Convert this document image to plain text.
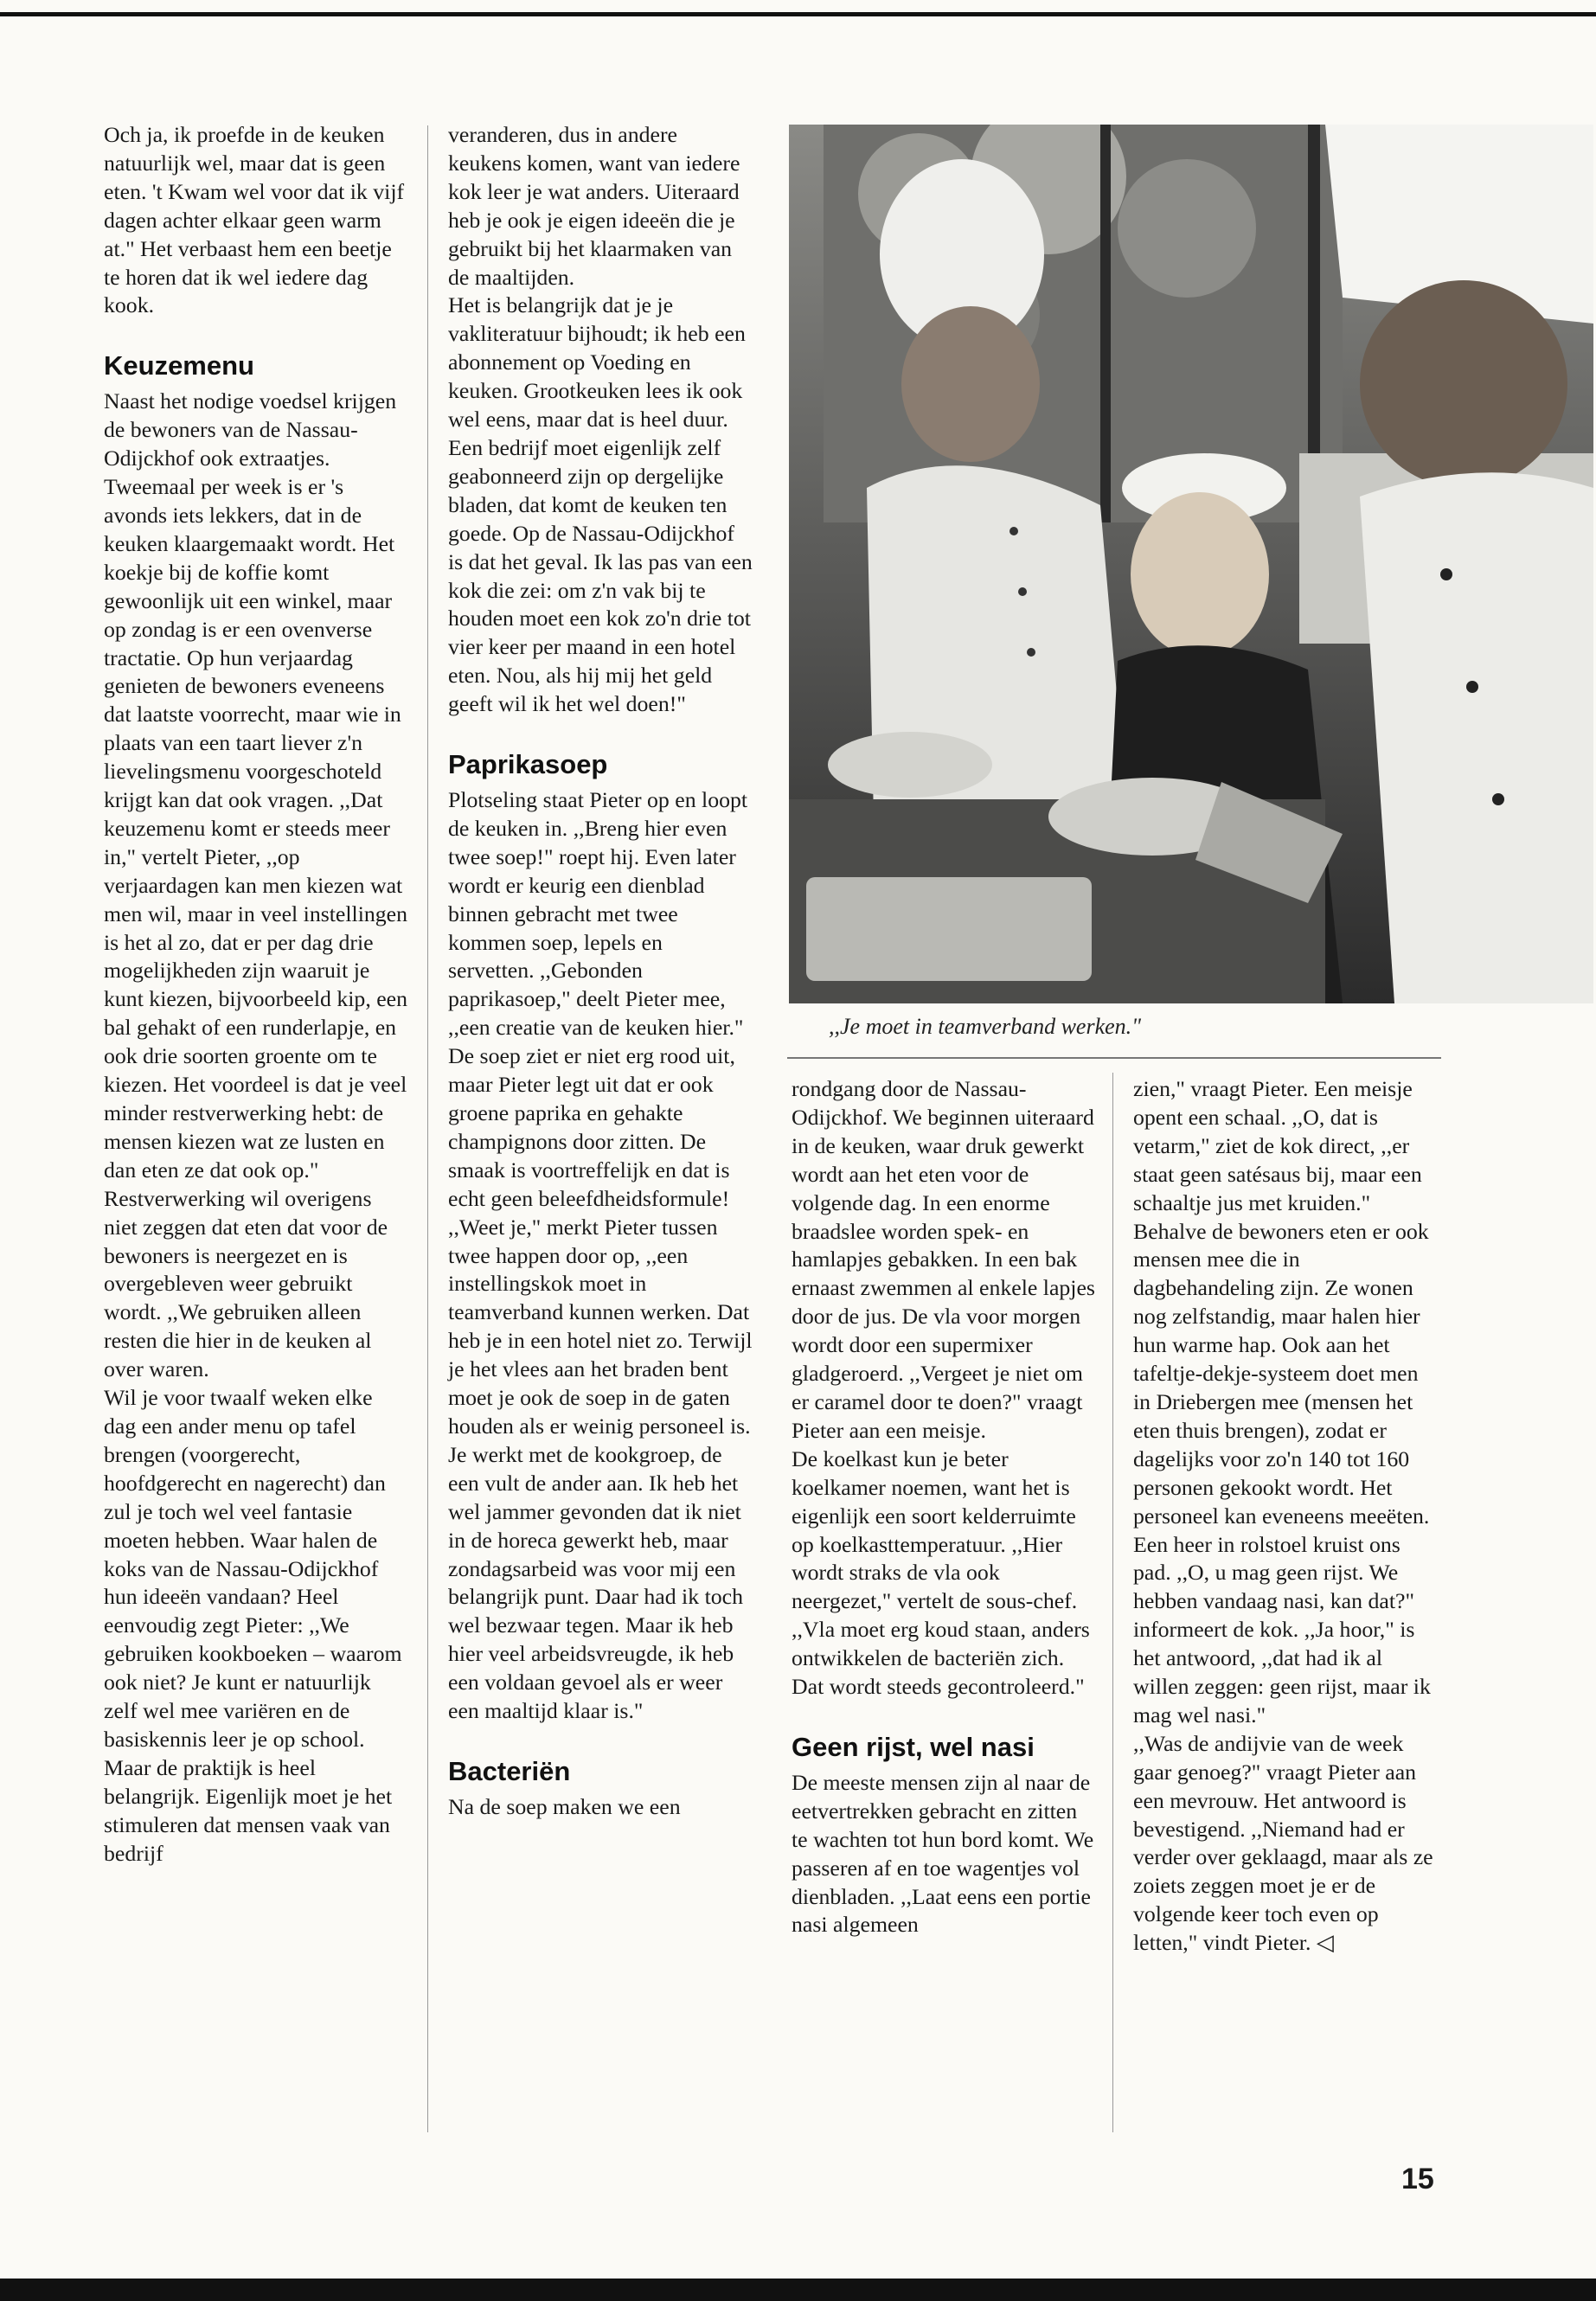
Och ja, ik proefde in de keuken natuurlijk wel, maar dat is geen eten. 't Kwam wel voor dat ik vijf dagen achter elkaar geen warm at." Het verbaast hem een beetje te horen dat ik wel iedere dag kook.

Keuzemenu

Naast het nodige voedsel krijgen de bewoners van de Nassau-Odijckhof ook extraatjes. Tweemaal per week is er 's avonds iets lekkers, dat in de keuken klaargemaakt wordt. Het koekje bij de koffie komt gewoonlijk uit een winkel, maar op zondag is er een ovenverse tractatie. Op hun verjaardag genieten de bewoners eveneens dat laatste voorrecht, maar wie in plaats van een taart liever z'n lievelingsmenu voorgeschoteld krijgt kan dat ook vragen. ,,Dat keuzemenu komt er steeds meer in," vertelt Pieter, ,,op verjaardagen kan men kiezen wat men wil, maar in veel instellingen is het al zo, dat er per dag drie mogelijkheden zijn waaruit je kunt kiezen, bijvoorbeeld kip, een bal gehakt of een runderlapje, en ook drie soorten groente om te kiezen. Het voordeel is dat je veel minder restverwerking hebt: de mensen kiezen wat ze lusten en dan eten ze dat ook op." Restverwerking wil overigens niet zeggen dat eten dat voor de bewoners is neergezet en is overgebleven weer gebruikt wordt. ,,We gebruiken alleen resten die hier in de keuken al over waren.

Wil je voor twaalf weken elke dag een ander menu op tafel brengen (voorgerecht, hoofdgerecht en nagerecht) dan zul je toch wel veel fantasie moeten hebben. Waar halen de koks van de Nassau-Odijckhof hun ideeën vandaan? Heel eenvoudig zegt Pieter: ,,We gebruiken kookboeken – waarom ook niet? Je kunt er natuurlijk zelf wel mee variëren en de basiskennis leer je op school. Maar de praktijk is heel belangrijk. Eigenlijk moet je het stimuleren dat mensen vaak van bedrijf

veranderen, dus in andere keukens komen, want van iedere kok leer je wat anders. Uiteraard heb je ook je eigen ideeën die je gebruikt bij het klaarmaken van de maaltijden.

Het is belangrijk dat je je vakliteratuur bijhoudt; ik heb een abonnement op Voeding en keuken. Grootkeuken lees ik ook wel eens, maar dat is heel duur. Een bedrijf moet eigenlijk zelf geabonneerd zijn op dergelijke bladen, dat komt de keuken ten goede. Op de Nassau-Odijckhof is dat het geval. Ik las pas van een kok die zei: om z'n vak bij te houden moet een kok zo'n drie tot vier keer per maand in een hotel eten. Nou, als hij mij het geld geeft wil ik het wel doen!"

Paprikasoep

Plotseling staat Pieter op en loopt de keuken in. ,,Breng hier even twee soep!" roept hij. Even later wordt er keurig een dienblad binnen gebracht met twee kommen soep, lepels en servetten. ,,Gebonden paprikasoep," deelt Pieter mee, ,,een creatie van de keuken hier." De soep ziet er niet erg rood uit, maar Pieter legt uit dat er ook groene paprika en gehakte champignons door zitten. De smaak is voortreffelijk en dat is echt geen beleefdheidsformule!

,,Weet je," merkt Pieter tussen twee happen door op, ,,een instellingskok moet in teamverband kunnen werken. Dat heb je in een hotel niet zo. Terwijl je het vlees aan het braden bent moet je ook de soep in de gaten houden als er weinig personeel is. Je werkt met de kookgroep, de een vult de ander aan. Ik heb het wel jammer gevonden dat ik niet in de horeca gewerkt heb, maar zondagsarbeid was voor mij een belangrijk punt. Daar had ik toch wel bezwaar tegen. Maar ik heb hier veel arbeidsvreugde, ik heb een voldaan gevoel als er weer een maaltijd klaar is."

Bacteriën

Na de soep maken we een

,,Je moet in teamverband werken."

rondgang door de Nassau-Odijckhof. We beginnen uiteraard in de keuken, waar druk gewerkt wordt aan het eten voor de volgende dag. In een enorme braadslee worden spek- en hamlapjes gebakken. In een bak ernaast zwemmen al enkele lapjes door de jus. De vla voor morgen wordt door een supermixer gladgeroerd. ,,Vergeet je niet om er caramel door te doen?" vraagt Pieter aan een meisje.

De koelkast kun je beter koelkamer noemen, want het is eigenlijk een soort kelderruimte op koelkasttemperatuur. ,,Hier wordt straks de vla ook neergezet," vertelt de sous-chef. ,,Vla moet erg koud staan, anders ontwikkelen de bacteriën zich. Dat wordt steeds gecontroleerd."

Geen rijst, wel nasi

De meeste mensen zijn al naar de eetvertrekken gebracht en zitten te wachten tot hun bord komt. We passeren af en toe wagentjes vol dienbladen. ,,Laat eens een portie nasi algemeen

zien," vraagt Pieter. Een meisje opent een schaal. ,,O, dat is vetarm," ziet de kok direct, ,,er staat geen satésaus bij, maar een schaaltje jus met kruiden." Behalve de bewoners eten er ook mensen mee die in dagbehandeling zijn. Ze wonen nog zelfstandig, maar halen hier hun warme hap. Ook aan het tafeltje-dekje-systeem doet men in Driebergen mee (mensen het eten thuis brengen), zodat er dagelijks voor zo'n 140 tot 160 personen gekookt wordt. Het personeel kan eveneens meeëten. Een heer in rolstoel kruist ons pad. ,,O, u mag geen rijst. We hebben vandaag nasi, kan dat?" informeert de kok. ,,Ja hoor," is het antwoord, ,,dat had ik al willen zeggen: geen rijst, maar ik mag wel nasi."

,,Was de andijvie van de week gaar genoeg?" vraagt Pieter aan een mevrouw. Het antwoord is bevestigend. ,,Niemand had er verder over geklaagd, maar als ze zoiets zeggen moet je er de volgende keer toch even op letten," vindt Pieter. ◁

15
